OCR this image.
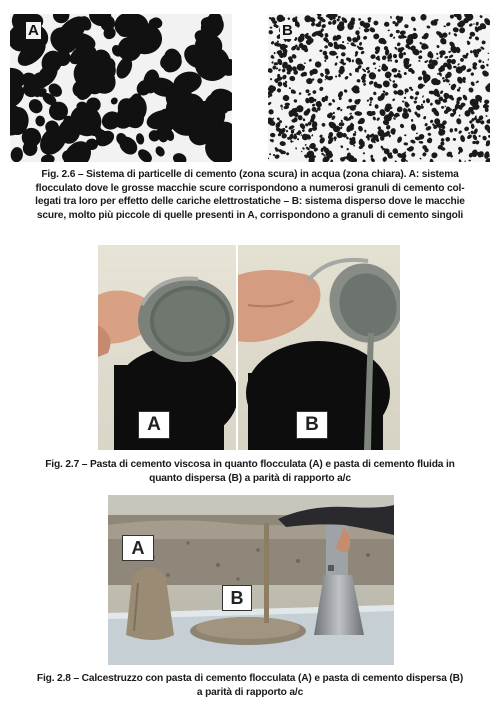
A	B
Fig. 2.6 – Sistema di particelle di cemento (zona scura) in acqua (zona chiara). A: sistema
flocculato dove le grosse macchie scure corrispondono a numerosi granuli di cemento col-
legati tra loro per effetto delle cariche elettrostatiche – B: sistema disperso dove le macchie
scure, molto più piccole di quelle presenti in A, corrispondono a granuli di cemento singoli
A	B
Fig. 2.7 – Pasta di cemento viscosa in quanto flocculata (A) e pasta di cemento fluida in
quanto dispersa (B) a parità di rapporto a/c
A
B
Fig. 2.8 – Calcestruzzo con pasta di cemento flocculata (A) e pasta di cemento dispersa (B)
a parità di rapporto a/c
